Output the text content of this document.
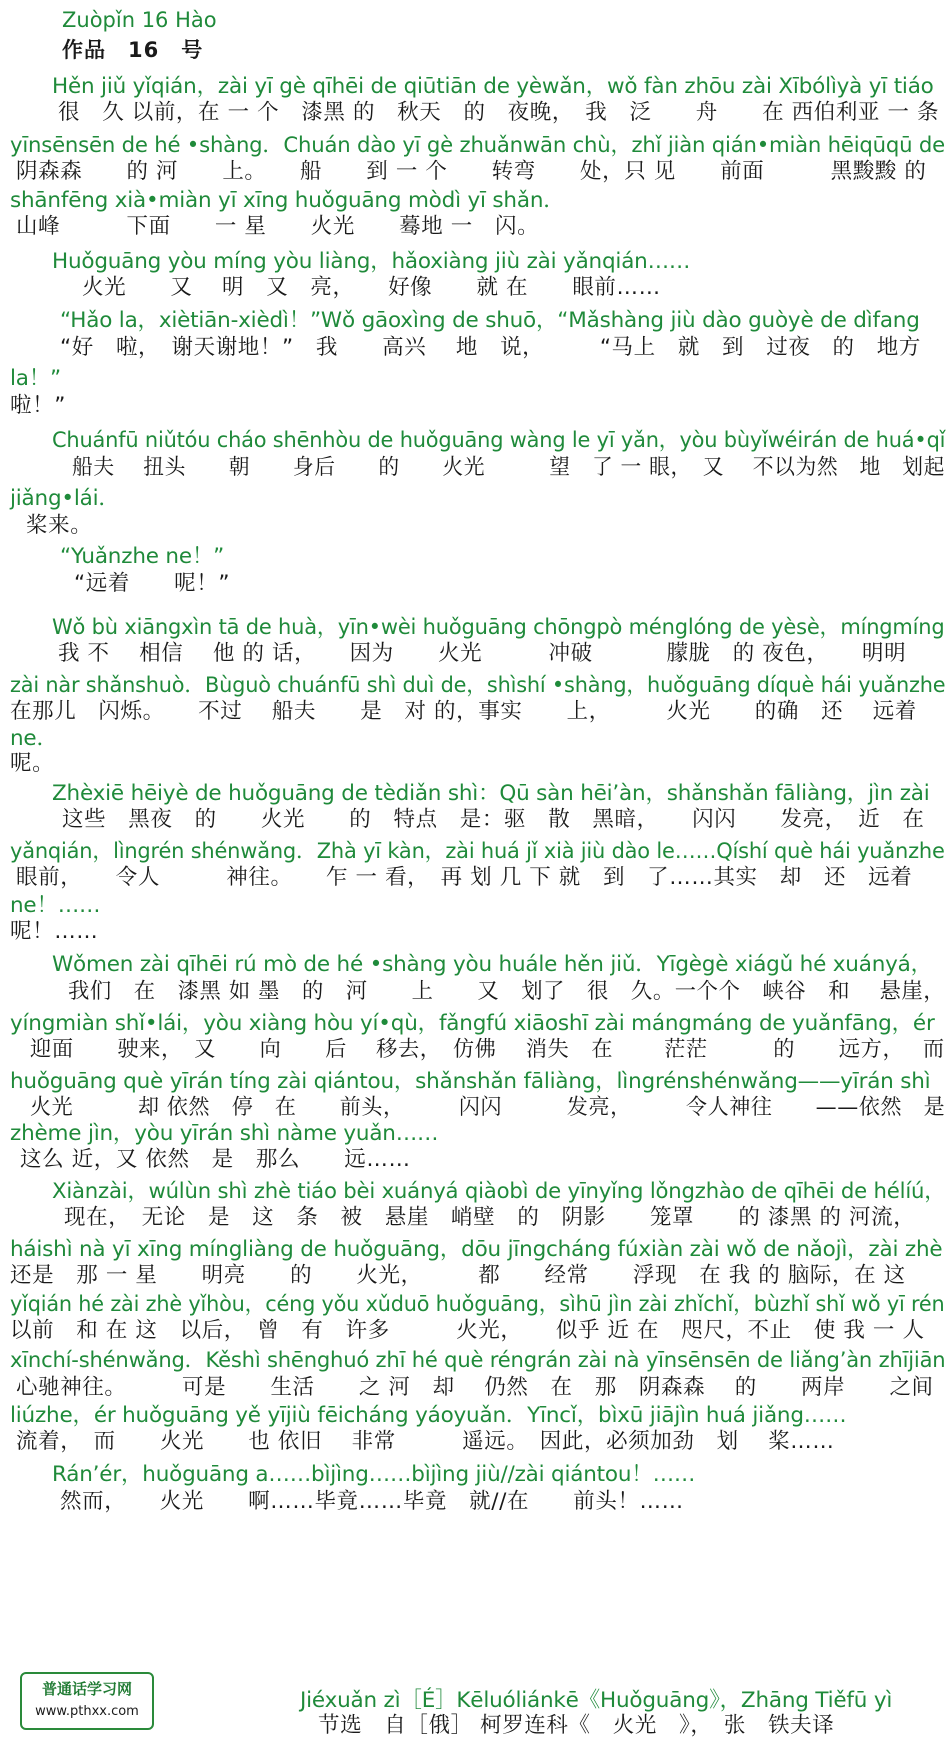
Zuòpǐn 16 Hào
作品　16　号
Hěn jiǔ yǐqián，zài yī gè qīhēi de qiūtiān de yèwǎn，wǒ fàn zhōu zài Xībólìyà yī tiáo
很　久 以前，在 一 个　漆黑 的　秋天　的　夜晚，　我　泛　　舟　　在 西伯利亚 一 条
yīnsēnsēn de hé •shàng．Chuán dào yī gè zhuǎnwān chù，zhǐ jiàn qián•miàn hēiqūqū de
阴森森　　的 河　　上。　　船　　到 一 个　　转弯　　处，只 见　　前面　　　黑黢黢 的
shānfēng xià•miàn yī xīng huǒguāng mòdì yī shǎn．
山峰　　　下面　　一 星　　火光　　蓦地 一　闪。
Huǒguāng yòu míng yòu liàng，hǎoxiàng jiù zài yǎnqián……
火光　　又　 明　又　亮，　　好像　　就 在　　眼前……
“Hǎo la，xiètiān-xièdì！”Wǒ gāoxìng de shuō，“Mǎshàng jiù dào guòyè de dìfang
“好　啦，　谢天谢地！”　我　　高兴　 地　说，　　　“马上　就　到　过夜　的　地方
la！”
啦！”
Chuánfū niǔtóu cháo shēnhòu de huǒguāng wàng le yī yǎn，yòu bùyǐwéirán de huá•qǐ
船夫　 扭头　　朝　　身后　　的　　火光　　　望　了 一 眼，　又　 不以为然　地　划起
jiǎng•lái．
桨来。
“Yuǎnzhe ne！”
“远着　　呢！”
Wǒ bù xiāngxìn tā de huà，yīn•wèi huǒguāng chōngpò ménglóng de yèsè，míngmíng
我 不　 相信　 他 的 话，　　因为　　火光　　　冲破　　　 朦胧　的 夜色，　　明明
zài nàr shǎnshuò．Bùguò chuánfū shì duì de，shìshí •shàng，huǒguāng díquè hái yuǎnzhe
在那儿　闪烁。　　不过　 船夫　　是　对 的，事实　　上，　　　火光　　的确　还　 远着
ne．
呢。
Zhèxiē hēiyè de huǒguāng de tèdiǎn shì：Qū sàn hēi’àn，shǎnshǎn fāliàng，jìn zài
这些　黑夜　的　　火光　　的　特点　是：驱　散　黑暗，　　闪闪　　发亮，　近　在
yǎnqián，lìngrén shénwǎng．Zhà yī kàn，zài huá jǐ xià jiù dào le……Qíshí què hái yuǎnzhe
眼前，　　令人　　　神往。　　乍 一 看，　再 划 几 下 就　到　了……其实　却　还　远着
ne！……
呢！……
Wǒmen zài qīhēi rú mò de hé •shàng yòu huále hěn jiǔ．Yīgègè xiágǔ hé xuányá，
我们　在　漆黑 如 墨　的　河　　上　　又　划了　很　久。一个个　峡谷　和　 悬崖，
yíngmiàn shǐ•lái，yòu xiàng hòu yí•qù，fǎngfú xiāoshī zài mángmáng de yuǎnfāng，ér
迎面　　驶来，　又　　向　　后　 移去，　仿佛　 消失　在　　 茫茫　　　的　　远方，　 而
huǒguāng què yīrán tíng zài qiántou，shǎnshǎn fāliàng，lìngrénshénwǎng——yīrán shì
火光　　　却 依然　停　在　　前头，　　　闪闪　　　发亮，　　　令人神往　　——依然　是
zhème jìn，yòu yīrán shì nàme yuǎn……
这么 近，又 依然　是　那么　　远……
Xiànzài，wúlùn shì zhè tiáo bèi xuányá qiàobì de yīnyǐng lǒngzhào de qīhēi de hélíú，
现在，　无论　是　这　条　被　悬崖　峭壁　的　阴影　　笼罩　　的 漆黑 的 河流，
háishì nà yī xīng míngliàng de huǒguāng，dōu jīngcháng fúxiàn zài wǒ de nǎojì，zài zhè
还是　那 一 星　　明亮　　的　　火光，　　　都　　经常　　浮现　在 我 的 脑际，在 这
yǐqián hé zài zhè yǐhòu，céng yǒu xǔduō huǒguāng，sìhū jìn zài zhǐchǐ，bùzhǐ shǐ wǒ yī rén
以前　和 在 这　以后，　曾　有　许多　　　火光，　　似乎 近 在　咫尺，不止　使 我 一 人
xīnchí-shénwǎng．Kěshì shēnghuó zhī hé què réngrán zài nà yīnsēnsēn de liǎng’àn zhījiān
心驰神往。　　　可是　　生活　　之 河　却　 仍然　在　那　阴森森　 的　　两岸　　之间
liúzhe，ér huǒguāng yě yījiù fēicháng yáoyuǎn．Yīncǐ，bìxū jiājìn huá jiǎng……
流着，　而　　火光　　也 依旧　 非常　　　遥远。　因此，必须加劲　划　 桨……
Rán’ér，huǒguāng a……bìjìng……bìjìng jiù//zài qiántou！……
然而，　　火光　　啊……毕竟……毕竟　就//在　　前头！……
Jiéxuǎn zì［É］Kēluóliánkē《Huǒguāng》，Zhāng Tiěfū yì
节选　自［俄］ 柯罗连科《　火光　》，　张　铁夫译
普通话学习网
www.pthxx.com
